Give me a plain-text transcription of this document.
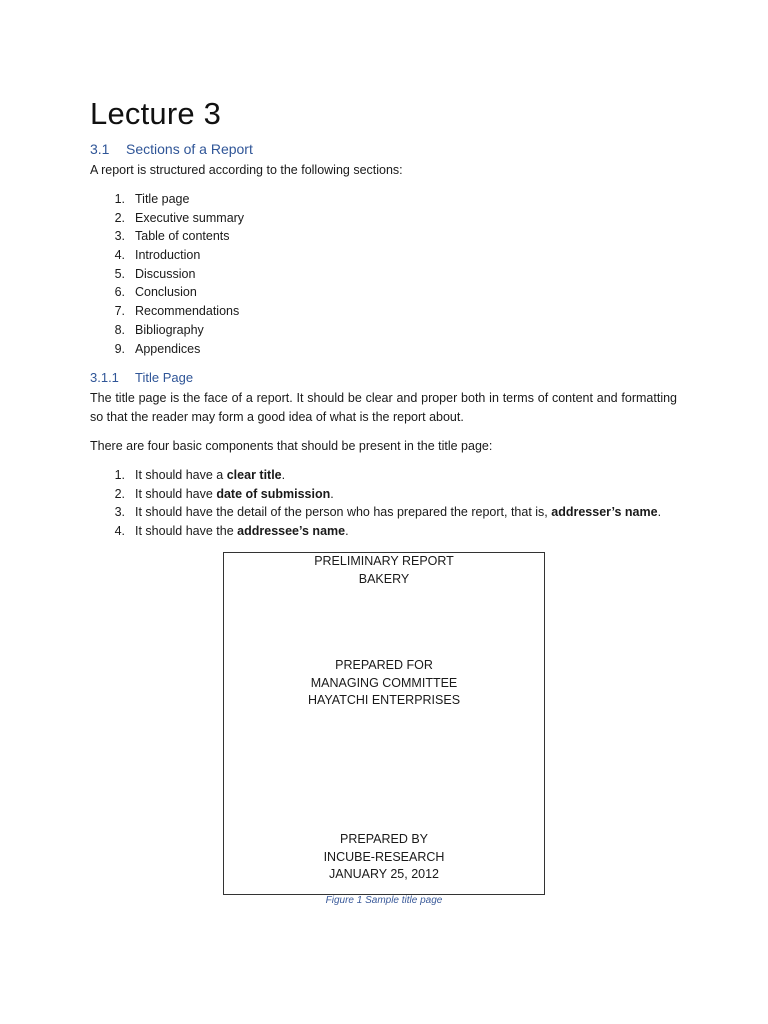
Lecture 3
3.1 Sections of a Report

A report is structured according to the following sections:

1. Title page
2. Executive summary
3. Table of contents
4. Introduction
5. Discussion
6. Conclusion
7. Recommendations
8. Bibliography
9. Appendices
3.1.1 Title Page

The title page is the face of a report. It should be clear and proper both in terms of content and formatting so that the reader may form a good idea of what is the report about.

There are four basic components that should be present in the title page:

1. It should have a clear title.
2. It should have date of submission.
3. It should have the detail of the person who has prepared the report, that is, addresser’s name.
4. It should have the addressee’s name.
PRELIMINARY REPORT
BAKERY
PREPARED FOR
MANAGING COMMITTEE
HAYATCHI ENTERPRISES
PREPARED BY
INCUBE-RESEARCH
JANUARY 25, 2012
Figure 1 Sample title page
